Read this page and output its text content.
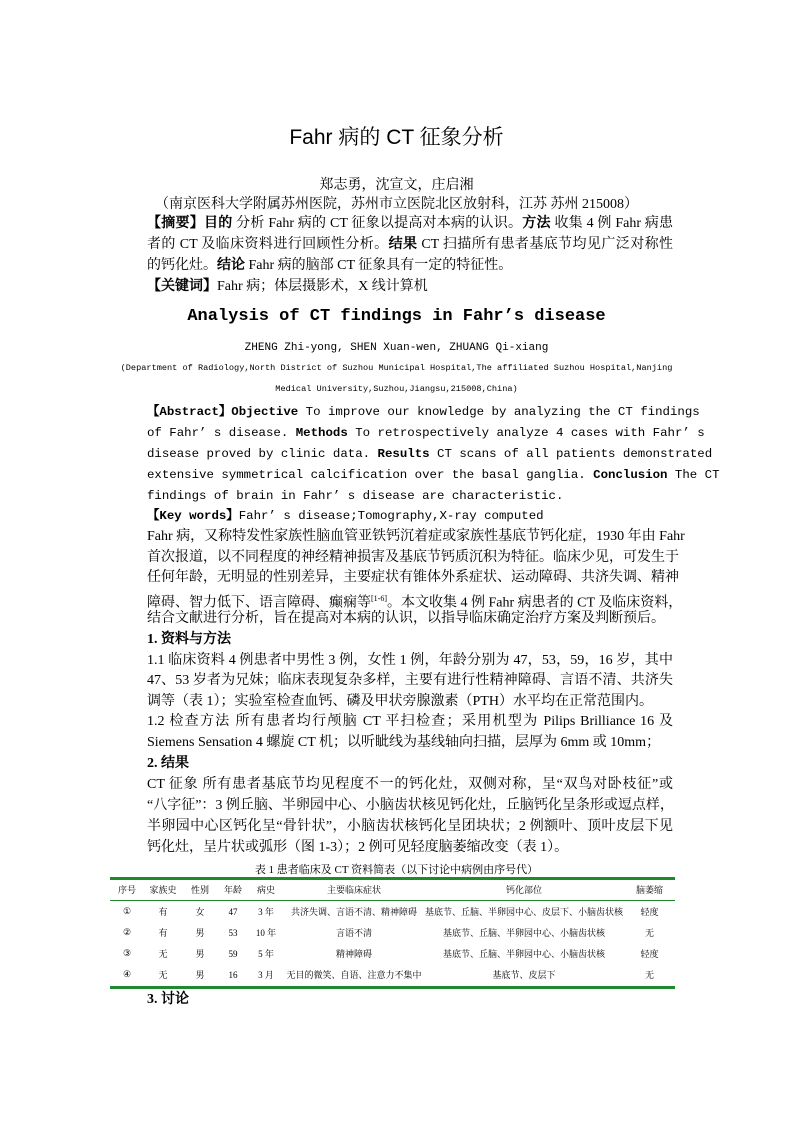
Fahr 病的 CT 征象分析
郑志勇，沈宣文，庄启湘
（南京医科大学附属苏州医院，苏州市立医院北区放射科，江苏 苏州 215008）
【摘要】目的 分析 Fahr 病的 CT 征象以提高对本病的认识。方法 收集 4 例 Fahr 病患
者的 CT 及临床资料进行回顾性分析。结果 CT 扫描所有患者基底节均见广泛对称性
的钙化灶。结论 Fahr 病的脑部 CT 征象具有一定的特征性。
【关键词】Fahr 病；体层摄影术，X 线计算机
Analysis of CT findings in Fahr’s disease
ZHENG Zhi-yong, SHEN Xuan-wen, ZHUANG Qi-xiang
(Department of Radiology,North District of Suzhou Municipal Hospital,The affiliated Suzhou Hospital,Nanjing
Medical University,Suzhou,Jiangsu,215008,China)
【Abstract】Objective To improve our knowledge by analyzing the CT findings
of Fahr’ s disease. Methods To retrospectively analyze 4 cases with Fahr’ s
disease proved by clinic data. Results CT scans of all patients demonstrated
extensive symmetrical calcification over the basal ganglia. Conclusion The CT
findings of brain in Fahr’ s disease are characteristic.
【Key words】Fahr’ s disease;Tomography,X-ray computed
Fahr 病，又称特发性家族性脑血管亚铁钙沉着症或家族性基底节钙化症，1930 年由 Fahr
首次报道，以不同程度的神经精神损害及基底节钙质沉积为特征。临床少见，可发生于
任何年龄，无明显的性别差异，主要症状有锥体外系症状、运动障碍、共济失调、精神
障碍、智力低下、语言障碍、癫痫等[1-6]。本文收集 4 例 Fahr 病患者的 CT 及临床资料，
结合文献进行分析，旨在提高对本病的认识，以指导临床确定治疗方案及判断预后。
1. 资料与方法
1.1 临床资料 4 例患者中男性 3 例，女性 1 例，年龄分别为 47，53，59，16 岁，其中
47、53 岁者为兄妹；临床表现复杂多样，主要有进行性精神障碍、言语不清、共济失
调等（表 1）；实验室检查血钙、磷及甲状旁腺激素（PTH）水平均在正常范围内。
1.2 检查方法 所有患者均行颅脑 CT 平扫检查；采用机型为 Pilips Brilliance 16 及
Siemens Sensation 4 螺旋 CT 机；以听眦线为基线轴向扫描，层厚为 6mm 或 10mm；
2. 结果
CT 征象 所有患者基底节均见程度不一的钙化灶，双侧对称，呈“双鸟对卧枝征”或
“八字征”：3 例丘脑、半卵园中心、小脑齿状核见钙化灶，丘脑钙化呈条形或逗点样，
半卵园中心区钙化呈“骨针状”，小脑齿状核钙化呈团块状；2 例额叶、顶叶皮层下见
钙化灶，呈片状或弧形（图 1-3）；2 例可见轻度脑萎缩改变（表 1）。
表 1 患者临床及 CT 资料简表（以下讨论中病例由序号代）
序号	家族史	性别	年龄	病史	主要临床症状	钙化部位	脑萎缩
①	有	女	47	3 年	共济失调、言语不清、精神障碍	基底节、丘脑、半卵园中心、皮层下、小脑齿状核	轻度
②	有	男	53	10 年	言语不清	基底节、丘脑、半卵园中心、小脑齿状核	无
③	无	男	59	5 年	精神障碍	基底节、丘脑、半卵园中心、小脑齿状核	轻度
④	无	男	16	3 月	无目的微笑、自语、注意力不集中	基底节、皮层下	无
3. 讨论
